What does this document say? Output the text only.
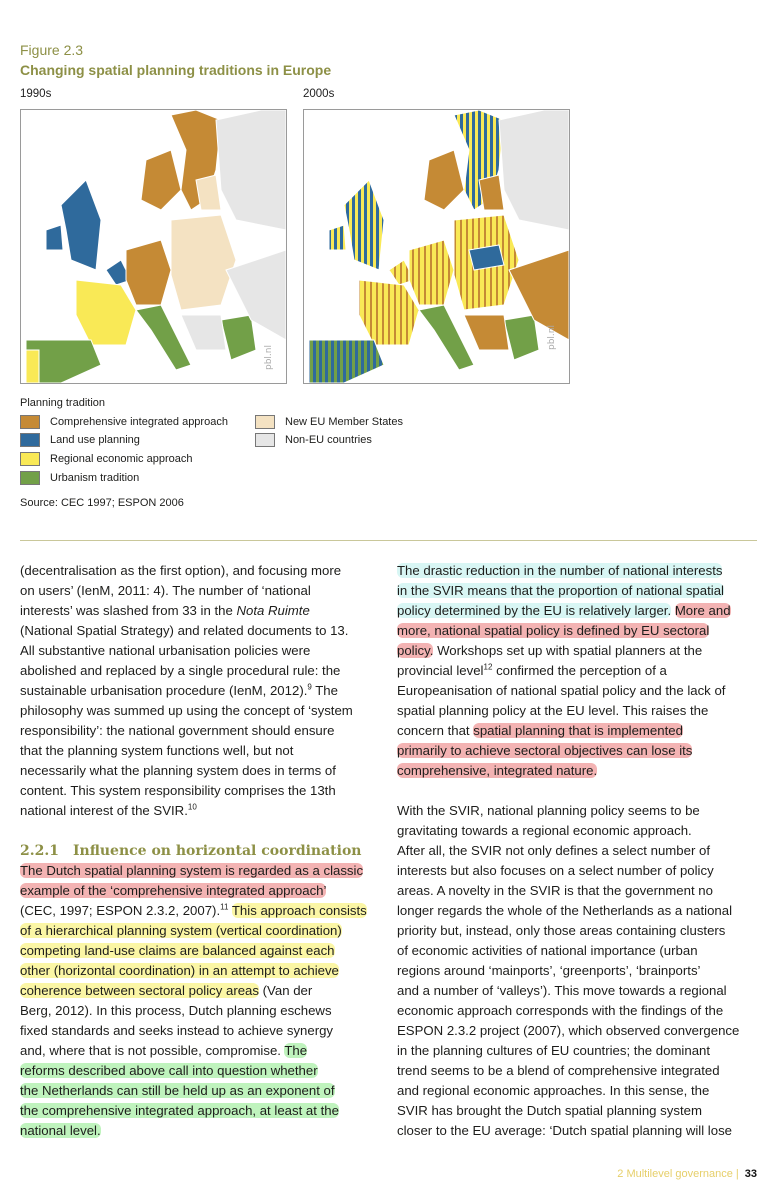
Figure 2.3
Changing spatial planning traditions in Europe
1990s	2000s
pbl.nl
pbl.nl
Planning tradition
Comprehensive integrated approach
Land use planning
Regional economic approach
Urbanism tradition
New EU Member States
Non-EU countries
Source: CEC 1997; ESPON 2006
(decentralisation as the first option), and focusing more
on users’ (IenM, 2011: 4). The number of ‘national
interests’ was slashed from 33 in the Nota Ruimte
(National Spatial Strategy) and related documents to 13.
All substantive national urbanisation policies were
abolished and replaced by a single procedural rule: the
sustainable urbanisation procedure (IenM, 2012).$^9$ The
philosophy was summed up using the concept of ‘system
responsibility’: the national government should ensure
that the planning system functions well, but not
necessarily what the planning system does in terms of
content. This system responsibility comprises the 13th
national interest of the SVIR.$^{10}$
2.2.1 Influence on horizontal coordination
The Dutch spatial planning system is regarded as a classic
example of the ‘comprehensive integrated approach’
(CEC, 1997; ESPON 2.3.2, 2007).$^{11}$ This approach consists
of a hierarchical planning system (vertical coordination)
competing land-use claims are balanced against each
other (horizontal coordination) in an attempt to achieve
coherence between sectoral policy areas (Van der
Berg, 2012). In this process, Dutch planning eschews
fixed standards and seeks instead to achieve synergy
and, where that is not possible, compromise. The
reforms described above call into question whether
the Netherlands can still be held up as an exponent of
the comprehensive integrated approach, at least at the
national level.
The drastic reduction in the number of national interests
in the SVIR means that the proportion of national spatial
policy determined by the EU is relatively larger. More and
more, national spatial policy is defined by EU sectoral
policy. Workshops set up with spatial planners at the
provincial level$^{12}$ confirmed the perception of a
Europeanisation of national spatial policy and the lack of
spatial planning policy at the EU level. This raises the
concern that spatial planning that is implemented
primarily to achieve sectoral objectives can lose its
comprehensive, integrated nature.
With the SVIR, national planning policy seems to be
gravitating towards a regional economic approach.
After all, the SVIR not only defines a select number of
interests but also focuses on a select number of policy
areas. A novelty in the SVIR is that the government no
longer regards the whole of the Netherlands as a national
priority but, instead, only those areas containing clusters
of economic activities of national importance (urban
regions around ‘mainports’, ‘greenports’, ‘brainports’
and a number of ‘valleys’). This move towards a regional
economic approach corresponds with the findings of the
ESPON 2.3.2 project (2007), which observed convergence
in the planning cultures of EU countries; the dominant
trend seems to be a blend of comprehensive integrated
and regional economic approaches. In this sense, the
SVIR has brought the Dutch spatial planning system
closer to the EU average: ‘Dutch spatial planning will lose
2 Multilevel governance | 33
